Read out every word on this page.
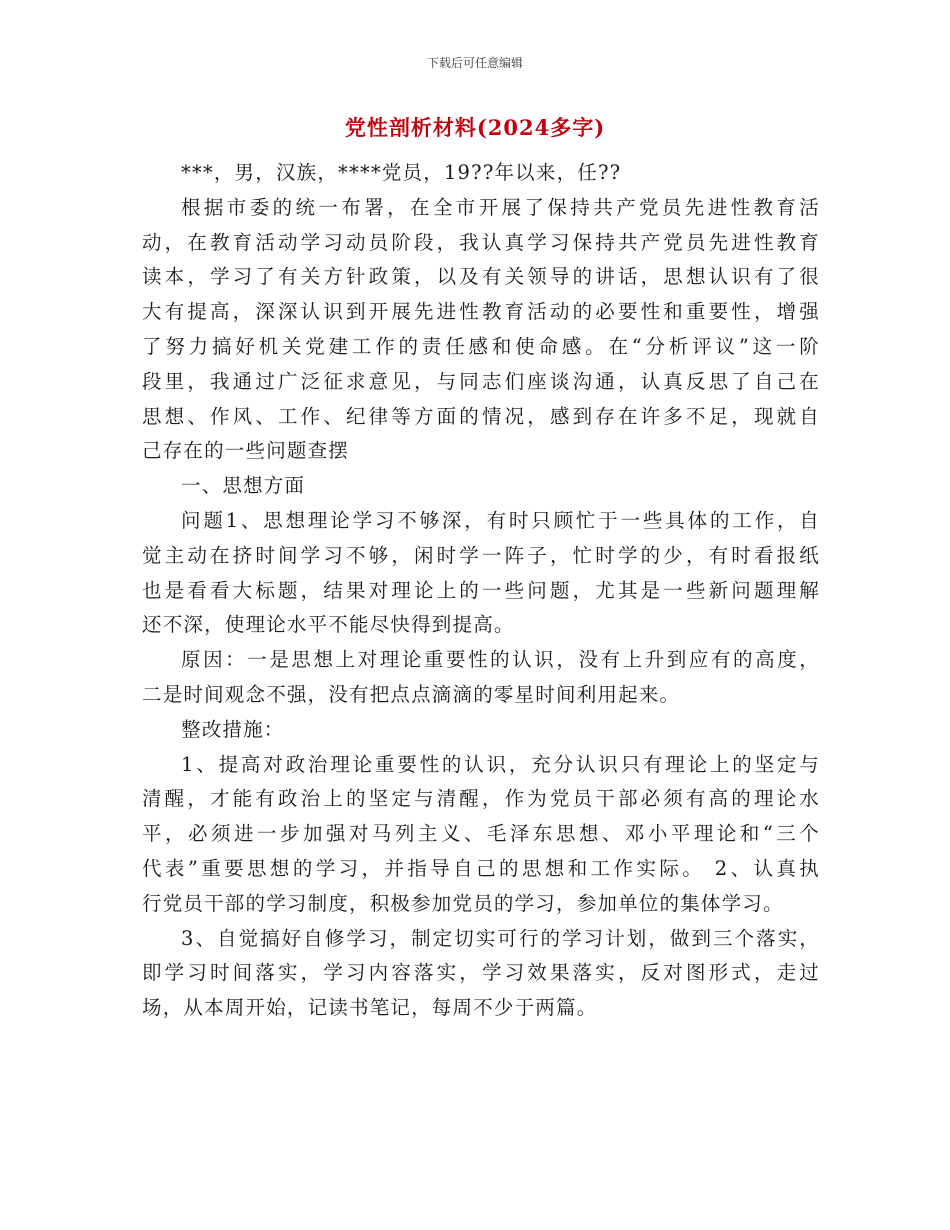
下载后可任意编辑
党性剖析材料(2024多字)

***，男，汉族，****党员，19??年以来，任??

根据市委的统一布署，在全市开展了保持共产党员先进性教育活
动，在教育活动学习动员阶段，我认真学习保持共产党员先进性教育
读本，学习了有关方针政策，以及有关领导的讲话，思想认识有了很
大有提高，深深认识到开展先进性教育活动的必要性和重要性，增强
了努力搞好机关党建工作的责任感和使命感。在“分析评议”这一阶
段里，我通过广泛征求意见，与同志们座谈沟通，认真反思了自己在
思想、作风、工作、纪律等方面的情况，感到存在许多不足，现就自
己存在的一些问题查摆

一、思想方面

问题1、思想理论学习不够深，有时只顾忙于一些具体的工作，自
觉主动在挤时间学习不够，闲时学一阵子，忙时学的少，有时看报纸
也是看看大标题，结果对理论上的一些问题，尤其是一些新问题理解
还不深，使理论水平不能尽快得到提高。

原因：一是思想上对理论重要性的认识，没有上升到应有的高度，
二是时间观念不强，没有把点点滴滴的零星时间利用起来。

整改措施：

1、提高对政治理论重要性的认识，充分认识只有理论上的坚定与
清醒，才能有政治上的坚定与清醒，作为党员干部必须有高的理论水
平，必须进一步加强对马列主义、毛泽东思想、邓小平理论和“三个
代表”重要思想的学习，并指导自己的思想和工作实际。 2、认真执
行党员干部的学习制度，积极参加党员的学习，参加单位的集体学习。

3、自觉搞好自修学习，制定切实可行的学习计划，做到三个落实，
即学习时间落实，学习内容落实，学习效果落实，反对图形式，走过
场，从本周开始，记读书笔记，每周不少于两篇。
